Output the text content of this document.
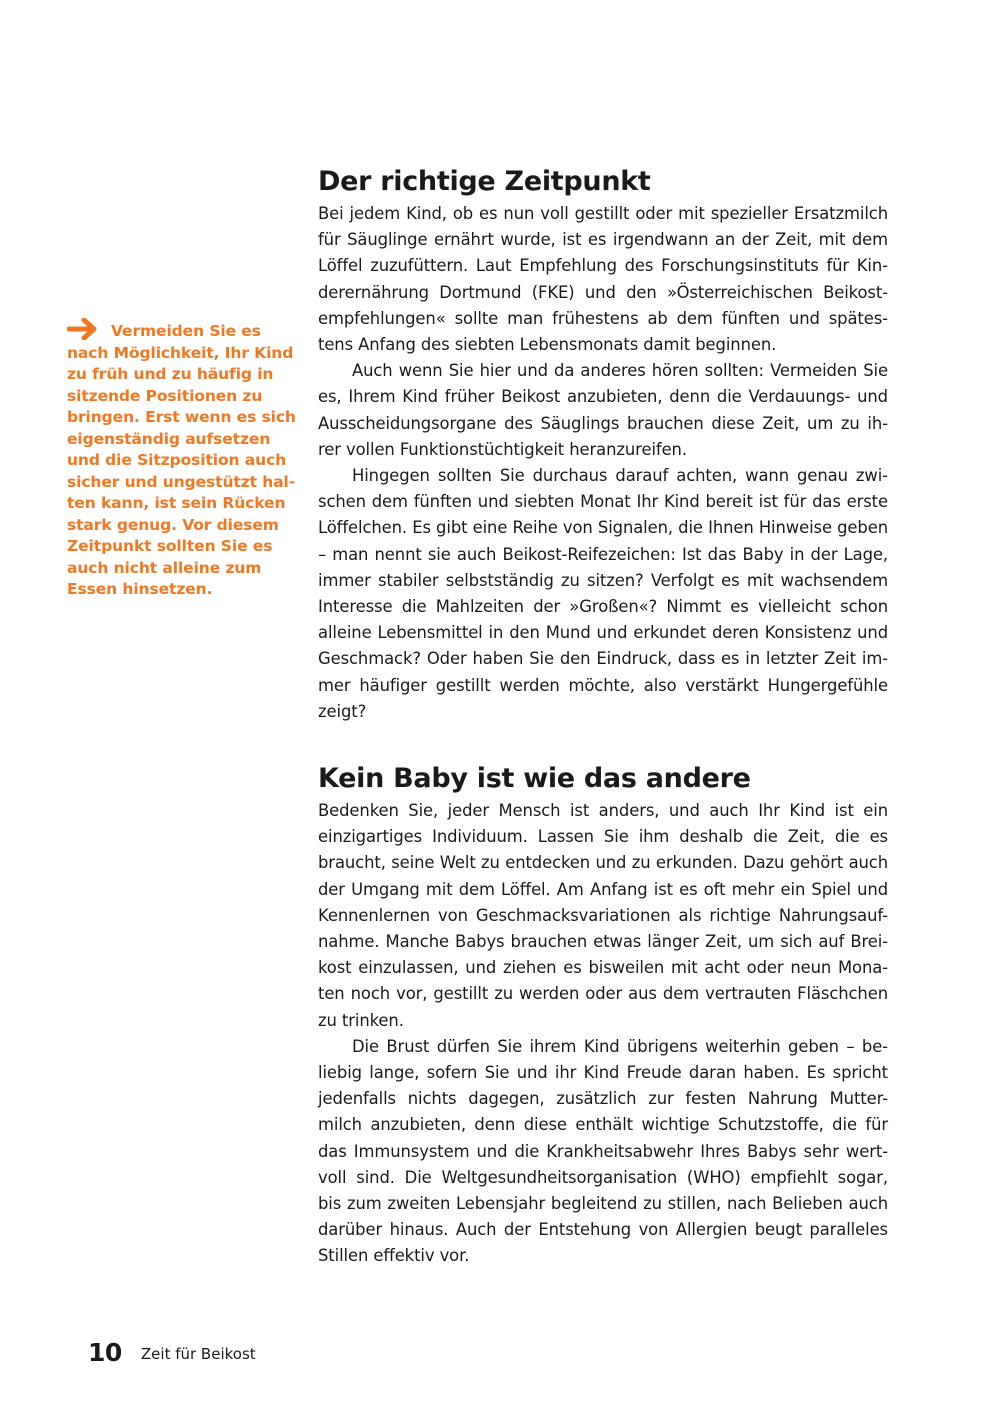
Vermeiden Sie es
nach Möglichkeit, Ihr Kind
zu früh und zu häufig in
sitzende Positionen zu
bringen. Erst wenn es sich
eigenständig aufsetzen
und die Sitzposition auch
sicher und ungestützt hal-
ten kann, ist sein Rücken
stark genug. Vor diesem
Zeitpunkt sollten Sie es
auch nicht alleine zum
Essen hinsetzen.
Der richtige Zeitpunkt
Bei jedem Kind, ob es nun voll gestillt oder mit spezieller Ersatzmilch
für Säuglinge ernährt wurde, ist es irgendwann an der Zeit, mit dem
Löffel zuzufüttern. Laut Empfehlung des Forschungsinstituts für Kin-
derernährung Dortmund (FKE) und den »Österreichischen Beikost-
empfehlungen« sollte man frühestens ab dem fünften und spätes-
tens Anfang des siebten Lebensmonats damit beginnen.
Auch wenn Sie hier und da anderes hören sollten: Vermeiden Sie
es, Ihrem Kind früher Beikost anzubieten, denn die Verdauungs- und
Ausscheidungsorgane des Säuglings brauchen diese Zeit, um zu ih-
rer vollen Funktionstüchtigkeit heranzureifen.
Hingegen sollten Sie durchaus darauf achten, wann genau zwi-
schen dem fünften und siebten Monat Ihr Kind bereit ist für das erste
Löffelchen. Es gibt eine Reihe von Signalen, die Ihnen Hinweise geben
– man nennt sie auch Beikost-Reifezeichen: Ist das Baby in der Lage,
immer stabiler selbstständig zu sitzen? Verfolgt es mit wachsendem
Interesse die Mahlzeiten der »Großen«? Nimmt es vielleicht schon
alleine Lebensmittel in den Mund und erkundet deren Konsistenz und
Geschmack? Oder haben Sie den Eindruck, dass es in letzter Zeit im-
mer häufiger gestillt werden möchte, also verstärkt Hungergefühle
zeigt?
Kein Baby ist wie das andere
Bedenken Sie, jeder Mensch ist anders, und auch Ihr Kind ist ein
einzigartiges Individuum. Lassen Sie ihm deshalb die Zeit, die es
braucht, seine Welt zu entdecken und zu erkunden. Dazu gehört auch
der Umgang mit dem Löffel. Am Anfang ist es oft mehr ein Spiel und
Kennenlernen von Geschmacksvariationen als richtige Nahrungsauf-
nahme. Manche Babys brauchen etwas länger Zeit, um sich auf Brei-
kost einzulassen, und ziehen es bisweilen mit acht oder neun Mona-
ten noch vor, gestillt zu werden oder aus dem vertrauten Fläschchen
zu trinken.
Die Brust dürfen Sie ihrem Kind übrigens weiterhin geben – be-
liebig lange, sofern Sie und ihr Kind Freude daran haben. Es spricht
jedenfalls nichts dagegen, zusätzlich zur festen Nahrung Mutter-
milch anzubieten, denn diese enthält wichtige Schutzstoffe, die für
das Immunsystem und die Krankheitsabwehr Ihres Babys sehr wert-
voll sind. Die Weltgesundheitsorganisation (WHO) empfiehlt sogar,
bis zum zweiten Lebensjahr begleitend zu stillen, nach Belieben auch
darüber hinaus. Auch der Entstehung von Allergien beugt paralleles
Stillen effektiv vor.
10 Zeit für Beikost
